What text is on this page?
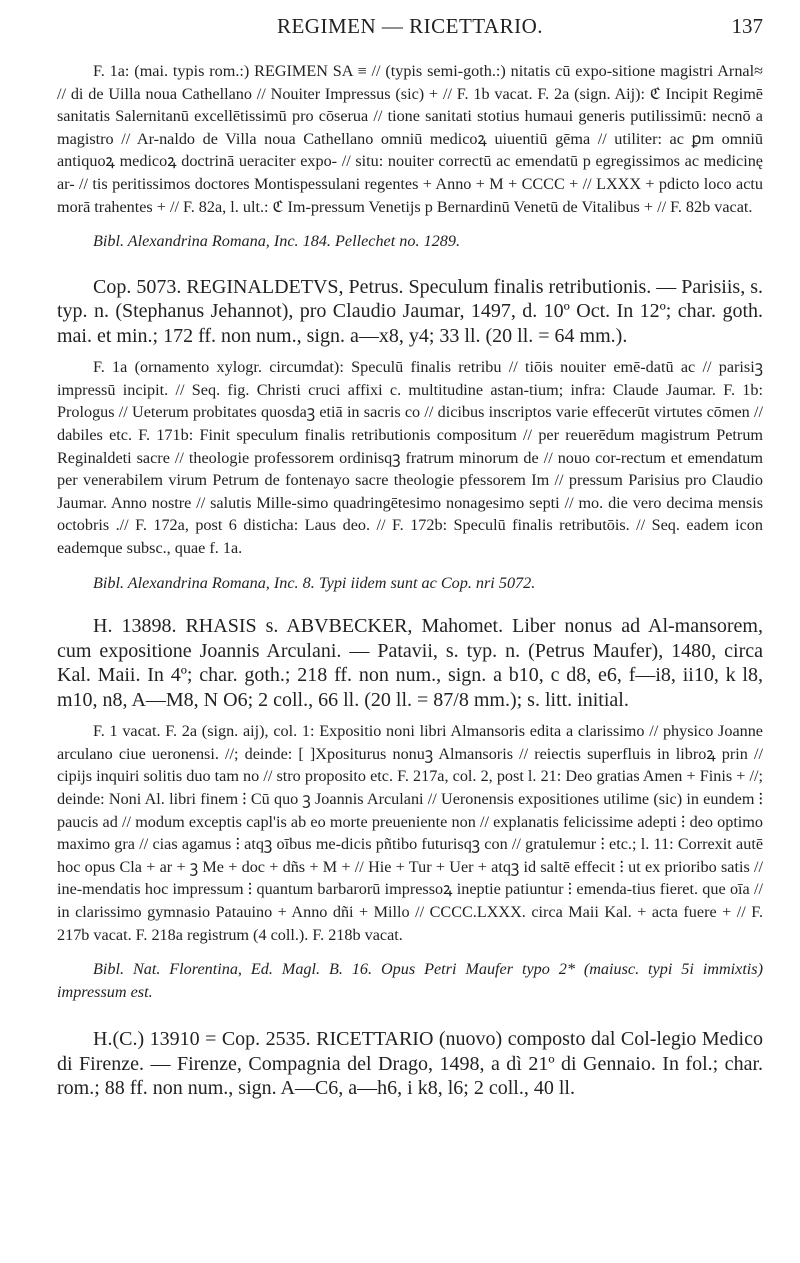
REGIMEN — RICETTARIO.	137

F. 1a: (mai. typis rom.:) REGIMEN SA ≡ // (typis semi-goth.:) nitatis cū expo-sitione magistri Arnal≈ // di de Uilla noua Cathellano // Nouiter Impressus (sic) + // F. 1b vacat. F. 2a (sign. Aij): ℭ Incipit Regimē sanitatis Salernitanū excellētissimū pro cōserua // tione sanitati stotius humaui generis putilissimū: necnō a magistro // Ar-naldo de Villa noua Cathellano omniū medicoꝝ uiuentiū gēma // utiliter: ac ꝑm omniū antiquoꝝ medicoꝝ doctrinā ueraciter expo- // situ: nouiter correctū ac emendatū p egregissimos ac medicinę ar- // tis peritissimos doctores Montispessulani regentes + Anno + M + CCCC + // LXXX + pdicto loco actu morā trahentes + // F. 82a, l. ult.: ℭ Im-pressum Venetijs p Bernardinū Venetū de Vitalibus + // F. 82b vacat.

Bibl. Alexandrina Romana, Inc. 184. Pellechet no. 1289.

Cop. 5073. REGINALDETVS, Petrus. Speculum finalis retributionis. — Parisiis, s. typ. n. (Stephanus Jehannot), pro Claudio Jaumar, 1497, d. 10º Oct. In 12º; char. goth. mai. et min.; 172 ff. non num., sign. a—x8, y4; 33 ll. (20 ll. = 64 mm.).

F. 1a (ornamento xylogr. circumdat): Speculū finalis retribu // tiōis nouiter emē-datū ac // parisiꝫ impressū incipit. // Seq. fig. Christi cruci affixi c. multitudine astan-tium; infra: Claude Jaumar. F. 1b: Prologus // Ueterum probitates quosdaꝫ etiā in sacris co // dicibus inscriptos varie effecerūt virtutes cōmen // dabiles etc. F. 171b: Finit speculum finalis retributionis compositum // per reuerēdum magistrum Petrum Reginaldeti sacre // theologie professorem ordinisqꝫ fratrum minorum de // nouo cor-rectum et emendatum per venerabilem virum Petrum de fontenayo sacre theologie pfessorem Im // pressum Parisius pro Claudio Jaumar. Anno nostre // salutis Mille-simo quadringētesimo nonagesimo septi // mo. die vero decima mensis octobris .// F. 172a, post 6 disticha: Laus deo. // F. 172b: Speculū finalis retributōis. // Seq. eadem icon eademque subsc., quae f. 1a.

Bibl. Alexandrina Romana, Inc. 8. Typi iidem sunt ac Cop. nri 5072.

H. 13898. RHASIS s. ABVBECKER, Mahomet. Liber nonus ad Al-mansorem, cum expositione Joannis Arculani. — Patavii, s. typ. n. (Petrus Maufer), 1480, circa Kal. Maii. In 4º; char. goth.; 218 ff. non num., sign. a b10, c d8, e6, f—i8, ii10, k l8, m10, n8, A—M8, N O6; 2 coll., 66 ll. (20 ll. = 87/8 mm.); s. litt. initial.

F. 1 vacat. F. 2a (sign. aij), col. 1: Expositio noni libri Almansoris edita a clarissimo // physico Joanne arculano ciue ueronensi. //; deinde: [ ]Xpositurus nonuꝫ Almansoris // reiectis superfluis in libroꝝ prin // cipijs inquiri solitis duo tam no // stro proposito etc. F. 217a, col. 2, post l. 21: Deo gratias Amen + Finis + //; deinde: Noni Al. libri finem ⁝ Cū quo ꝫ Joannis Arculani // Ueronensis expositiones utilime (sic) in eundem ⁝ paucis ad // modum exceptis capl'is ab eo morte preueniente non // explanatis felicissime adepti ⁝ deo optimo maximo gra // cias agamus ⁝ atqꝫ oībus me-dicis pñtibo futurisqꝫ con // gratulemur ⁝ etc.; l. 11: Correxit autē hoc opus Cla + ar + ꝫ Me + doc + dñs + M + // Hie + Tur + Uer + atqꝫ id saltē effecit ⁝ ut ex prioribo satis // ine-mendatis hoc impressum ⁝ quantum barbarorū impressoꝝ ineptie patiuntur ⁝ emenda-tius fieret. que oīa // in clarissimo gymnasio Patauino + Anno dñi + Millo // CCCC.LXXX. circa Maii Kal. + acta fuere + // F. 217b vacat. F. 218a registrum (4 coll.). F. 218b vacat.

Bibl. Nat. Florentina, Ed. Magl. B. 16. Opus Petri Maufer typo 2* (maiusc. typi 5i immixtis) impressum est.

H.(C.) 13910 = Cop. 2535. RICETTARIO (nuovo) composto dal Col-legio Medico di Firenze. — Firenze, Compagnia del Drago, 1498, a dì 21º di Gennaio. In fol.; char. rom.; 88 ff. non num., sign. A—C6, a—h6, i k8, l6; 2 coll., 40 ll.
